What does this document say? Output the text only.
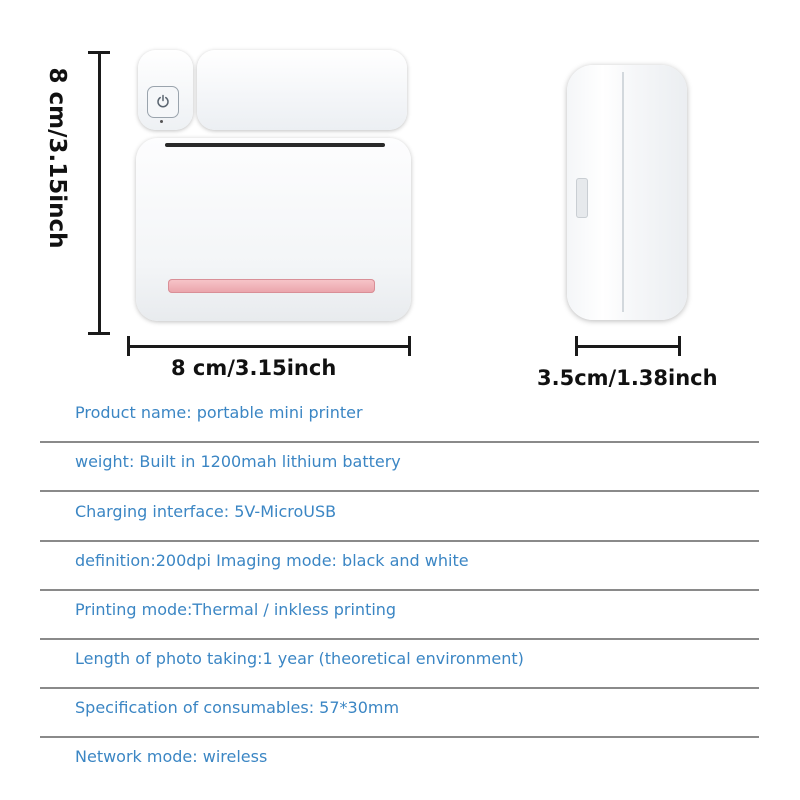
8 cm/3.15inch
8 cm/3.15inch	3.5cm/1.38inch
Product name: portable mini printer
weight: Built in 1200mah lithium battery
Charging interface: 5V-MicroUSB
definition:200dpi Imaging mode: black and white
Printing mode:Thermal / inkless printing
Length of photo taking:1 year (theoretical environment)
Specification of consumables: 57*30mm
Network mode: wireless
